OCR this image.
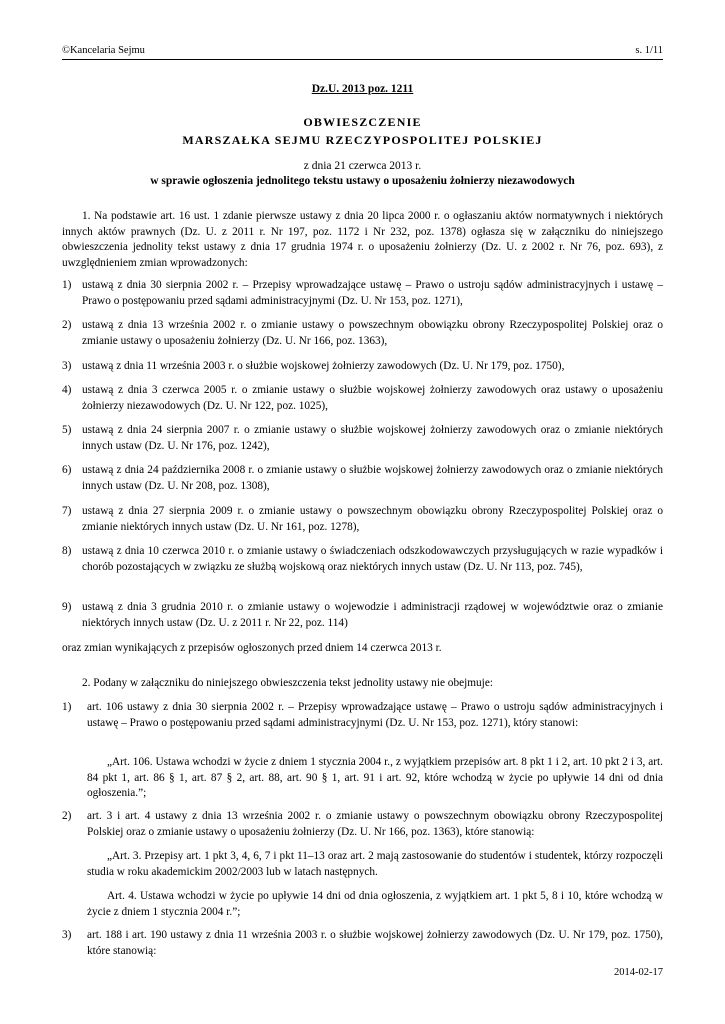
©Kancelaria Sejmu	s. 1/11
Dz.U. 2013 poz. 1211
OBWIESZCZENIE
MARSZAŁKA SEJMU RZECZYPOSPOLITEJ POLSKIEJ
z dnia 21 czerwca 2013 r.
w sprawie ogłoszenia jednolitego tekstu ustawy o uposażeniu żołnierzy niezawodowych

1. Na podstawie art. 16 ust. 1 zdanie pierwsze ustawy z dnia 20 lipca 2000 r. o ogłaszaniu aktów normatywnych i niektórych innych aktów prawnych (Dz. U. z 2011 r. Nr 197, poz. 1172 i Nr 232, poz. 1378) ogłasza się w załączniku do niniejszego obwieszczenia jednolity tekst ustawy z dnia 17 grudnia 1974 r. o uposażeniu żołnierzy (Dz. U. z 2002 r. Nr 76, poz. 693), z uwzględnieniem zmian wprowadzonych:

1) ustawą z dnia 30 sierpnia 2002 r. – Przepisy wprowadzające ustawę – Prawo o ustroju sądów administracyjnych i ustawę – Prawo o postępowaniu przed sądami administracyjnymi (Dz. U. Nr 153, poz. 1271),
2) ustawą z dnia 13 września 2002 r. o zmianie ustawy o powszechnym obowiązku obrony Rzeczypospolitej Polskiej oraz o zmianie ustawy o uposażeniu żołnierzy (Dz. U. Nr 166, poz. 1363),
3) ustawą z dnia 11 września 2003 r. o służbie wojskowej żołnierzy zawodowych (Dz. U. Nr 179, poz. 1750),
4) ustawą z dnia 3 czerwca 2005 r. o zmianie ustawy o służbie wojskowej żołnierzy zawodowych oraz ustawy o uposażeniu żołnierzy niezawodowych (Dz. U. Nr 122, poz. 1025),
5) ustawą z dnia 24 sierpnia 2007 r. o zmianie ustawy o służbie wojskowej żołnierzy zawodowych oraz o zmianie niektórych innych ustaw (Dz. U. Nr 176, poz. 1242),
6) ustawą z dnia 24 października 2008 r. o zmianie ustawy o służbie wojskowej żołnierzy zawodowych oraz o zmianie niektórych innych ustaw (Dz. U. Nr 208, poz. 1308),
7) ustawą z dnia 27 sierpnia 2009 r. o zmianie ustawy o powszechnym obowiązku obrony Rzeczypospolitej Polskiej oraz o zmianie niektórych innych ustaw (Dz. U. Nr 161, poz. 1278),
8) ustawą z dnia 10 czerwca 2010 r. o zmianie ustawy o świadczeniach odszkodowawczych przysługujących w razie wypadków i chorób pozostających w związku ze służbą wojskową oraz niektórych innych ustaw (Dz. U. Nr 113, poz. 745),
9) ustawą z dnia 3 grudnia 2010 r. o zmianie ustawy o wojewodzie i administracji rządowej w województwie oraz o zmianie niektórych innych ustaw (Dz. U. z 2011 r. Nr 22, poz. 114)

oraz zmian wynikających z przepisów ogłoszonych przed dniem 14 czerwca 2013 r.

2. Podany w załączniku do niniejszego obwieszczenia tekst jednolity ustawy nie obejmuje:

1) art. 106 ustawy z dnia 30 sierpnia 2002 r. – Przepisy wprowadzające ustawę – Prawo o ustroju sądów administracyjnych i ustawę – Prawo o postępowaniu przed sądami administracyjnymi (Dz. U. Nr 153, poz. 1271), który stanowi:
„Art. 106. Ustawa wchodzi w życie z dniem 1 stycznia 2004 r., z wyjątkiem przepisów art. 8 pkt 1 i 2, art. 10 pkt 2 i 3, art. 84 pkt 1, art. 86 § 1, art. 87 § 2, art. 88, art. 90 § 1, art. 91 i art. 92, które wchodzą w życie po upływie 14 dni od dnia ogłoszenia.”;
2) art. 3 i art. 4 ustawy z dnia 13 września 2002 r. o zmianie ustawy o powszechnym obowiązku obrony Rzeczypospolitej Polskiej oraz o zmianie ustawy o uposażeniu żołnierzy (Dz. U. Nr 166, poz. 1363), które stanowią:
„Art. 3. Przepisy art. 1 pkt 3, 4, 6, 7 i pkt 11–13 oraz art. 2 mają zastosowanie do studentów i studentek, którzy rozpoczęli studia w roku akademickim 2002/2003 lub w latach następnych.
Art. 4. Ustawa wchodzi w życie po upływie 14 dni od dnia ogłoszenia, z wyjątkiem art. 1 pkt 5, 8 i 10, które wchodzą w życie z dniem 1 stycznia 2004 r.”;
3) art. 188 i art. 190 ustawy z dnia 11 września 2003 r. o służbie wojskowej żołnierzy zawodowych (Dz. U. Nr 179, poz. 1750), które stanowią:
2014-02-17
